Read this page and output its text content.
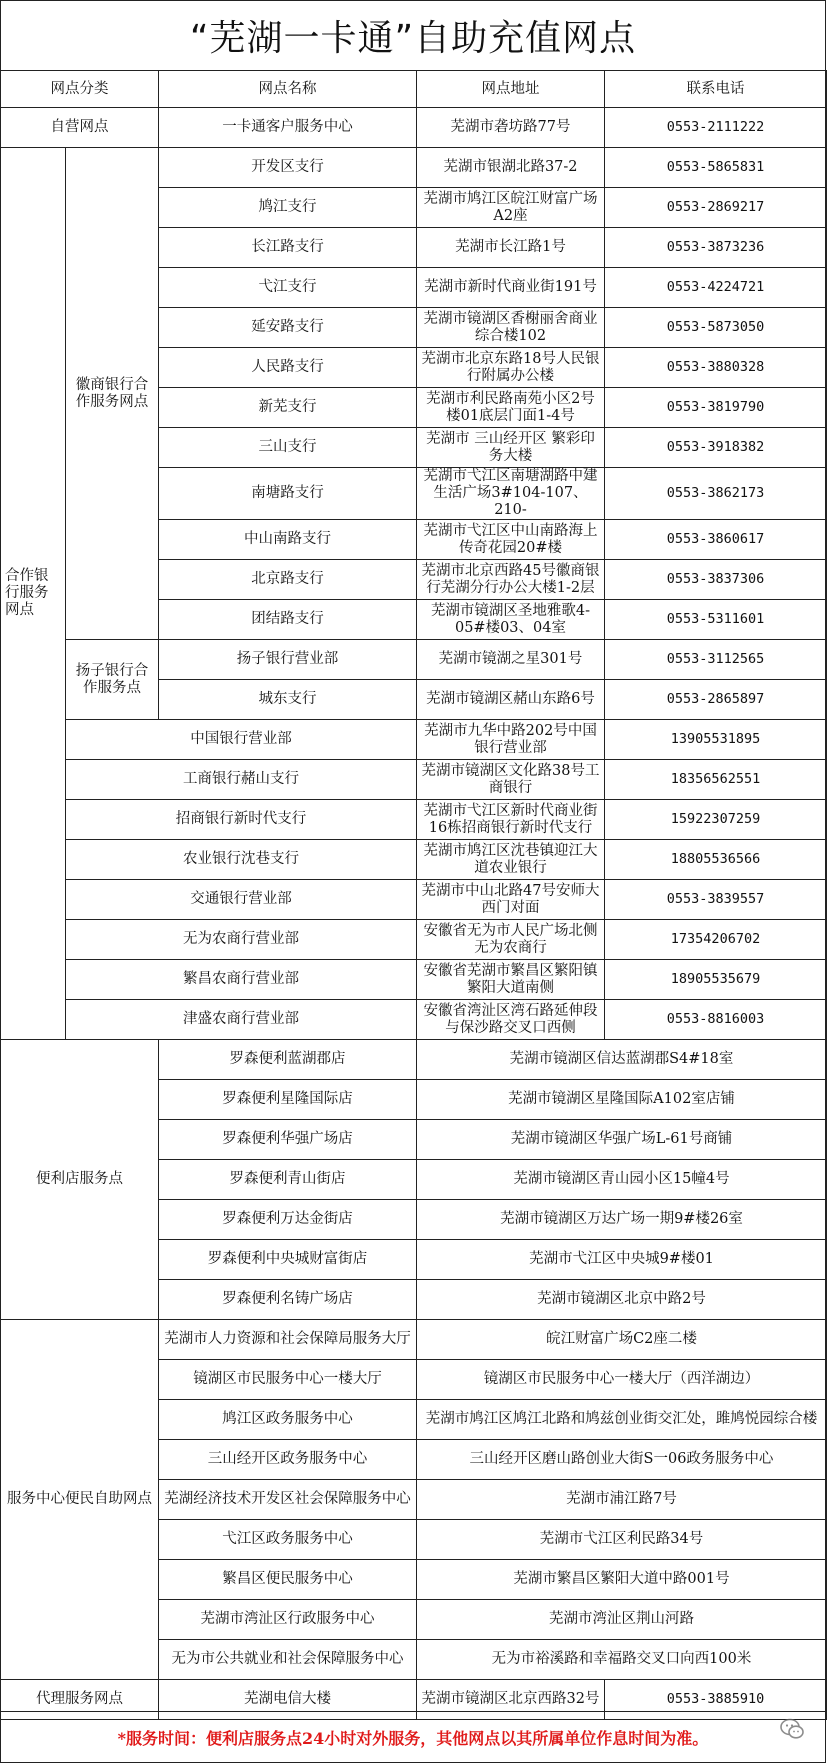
“芜湖一卡通”自助充值网点
网点分类		网点名称	网点地址	联系电话
自营网点		一卡通客户服务中心	芜湖市砻坊路77号	0553-2111222
合作银行服务网点	徽商银行合作服务网点	开发区支行	芜湖市银湖北路37-2	0553-5865831
		鸠江支行	芜湖市鸠江区皖江财富广场A2座	0553-2869217
		长江路支行	芜湖市长江路1号	0553-3873236
		弋江支行	芜湖市新时代商业街191号	0553-4224721
		延安路支行	芜湖市镜湖区香榭丽舍商业综合楼102	0553-5873050
		人民路支行	芜湖市北京东路18号人民银行附属办公楼	0553-3880328
		新芜支行	芜湖市利民路南苑小区2号楼01底层门面1-4号	0553-3819790
		三山支行	芜湖市 三山经开区 繁彩印务大楼	0553-3918382
		南塘路支行	芜湖市弋江区南塘湖路中建生活广场3#104-107、210-	0553-3862173
		中山南路支行	芜湖市弋江区中山南路海上传奇花园20#楼	0553-3860617
		北京路支行	芜湖市北京西路45号徽商银行芜湖分行办公大楼1-2层	0553-3837306
		团结路支行	芜湖市镜湖区圣地雅歌4-05#楼03、04室	0553-5311601
	扬子银行合作服务点	扬子银行营业部	芜湖市镜湖之星301号	0553-3112565
		城东支行	芜湖市镜湖区赭山东路6号	0553-2865897
	中国银行营业部		芜湖市九华中路202号中国银行营业部	13905531895
	工商银行赭山支行		芜湖市镜湖区文化路38号工商银行	18356562551
	招商银行新时代支行		芜湖市弋江区新时代商业街16栋招商银行新时代支行	15922307259
	农业银行沈巷支行		芜湖市鸠江区沈巷镇迎江大道农业银行	18805536566
	交通银行营业部		芜湖市中山北路47号安师大西门对面	0553-3839557
	无为农商行营业部		安徽省无为市人民广场北侧无为农商行	17354206702
	繁昌农商行营业部		安徽省芜湖市繁昌区繁阳镇繁阳大道南侧	18905535679
	津盛农商行营业部		安徽省湾沚区湾石路延伸段与保沙路交叉口西侧	0553-8816003
便利店服务点		罗森便利蓝湖郡店	芜湖市镜湖区信达蓝湖郡S4#18室	
		罗森便利星隆国际店	芜湖市镜湖区星隆国际A102室店铺	
		罗森便利华强广场店	芜湖市镜湖区华强广场L-61号商铺	
		罗森便利青山街店	芜湖市镜湖区青山园小区15幢4号	
		罗森便利万达金街店	芜湖市镜湖区万达广场一期9#楼26室	
		罗森便利中央城财富街店	芜湖市弋江区中央城9#楼01	
		罗森便利名铸广场店	芜湖市镜湖区北京中路2号	
服务中心便民自助网点		芜湖市人力资源和社会保障局服务大厅	皖江财富广场C2座二楼	
		镜湖区市民服务中心一楼大厅	镜湖区市民服务中心一楼大厅（西洋湖边）	
		鸠江区政务服务中心	芜湖市鸠江区鸠江北路和鸠兹创业街交汇处，雎鸠悦园综合楼	
		三山经开区政务服务中心	三山经开区磨山路创业大街S一06政务服务中心	
		芜湖经济技术开发区社会保障服务中心	芜湖市浦江路7号	
		弋江区政务服务中心	芜湖市弋江区利民路34号	
		繁昌区便民服务中心	芜湖市繁昌区繁阳大道中路001号	
		芜湖市湾沚区行政服务中心	芜湖市湾沚区荆山河路	
		无为市公共就业和社会保障服务中心	无为市裕溪路和幸福路交叉口向西100米	
代理服务网点		芜湖电信大楼	芜湖市镜湖区北京西路32号	0553-3885910
*服务时间：便利店服务点24小时对外服务，其他网点以其所属单位作息时间为准。
